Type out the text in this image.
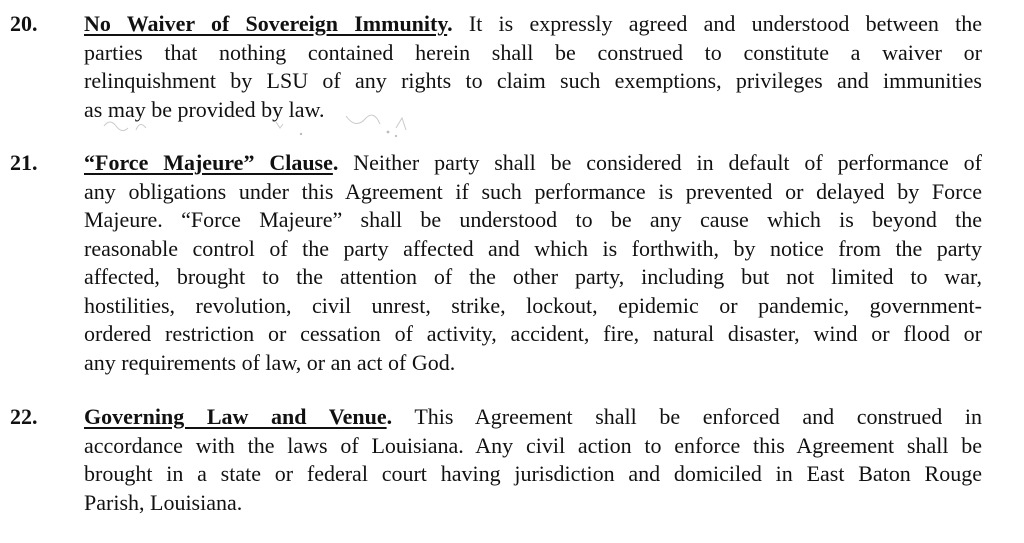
20. No Waiver of Sovereign Immunity. It is expressly agreed and understood between the
parties that nothing contained herein shall be construed to constitute a waiver or
relinquishment by LSU of any rights to claim such exemptions, privileges and immunities
as may be provided by law.
21. “Force Majeure” Clause. Neither party shall be considered in default of performance of
any obligations under this Agreement if such performance is prevented or delayed by Force
Majeure. “Force Majeure” shall be understood to be any cause which is beyond the
reasonable control of the party affected and which is forthwith, by notice from the party
affected, brought to the attention of the other party, including but not limited to war,
hostilities, revolution, civil unrest, strike, lockout, epidemic or pandemic, government-
ordered restriction or cessation of activity, accident, fire, natural disaster, wind or flood or
any requirements of law, or an act of God.
22. Governing Law and Venue. This Agreement shall be enforced and construed in
accordance with the laws of Louisiana. Any civil action to enforce this Agreement shall be
brought in a state or federal court having jurisdiction and domiciled in East Baton Rouge
Parish, Louisiana.
